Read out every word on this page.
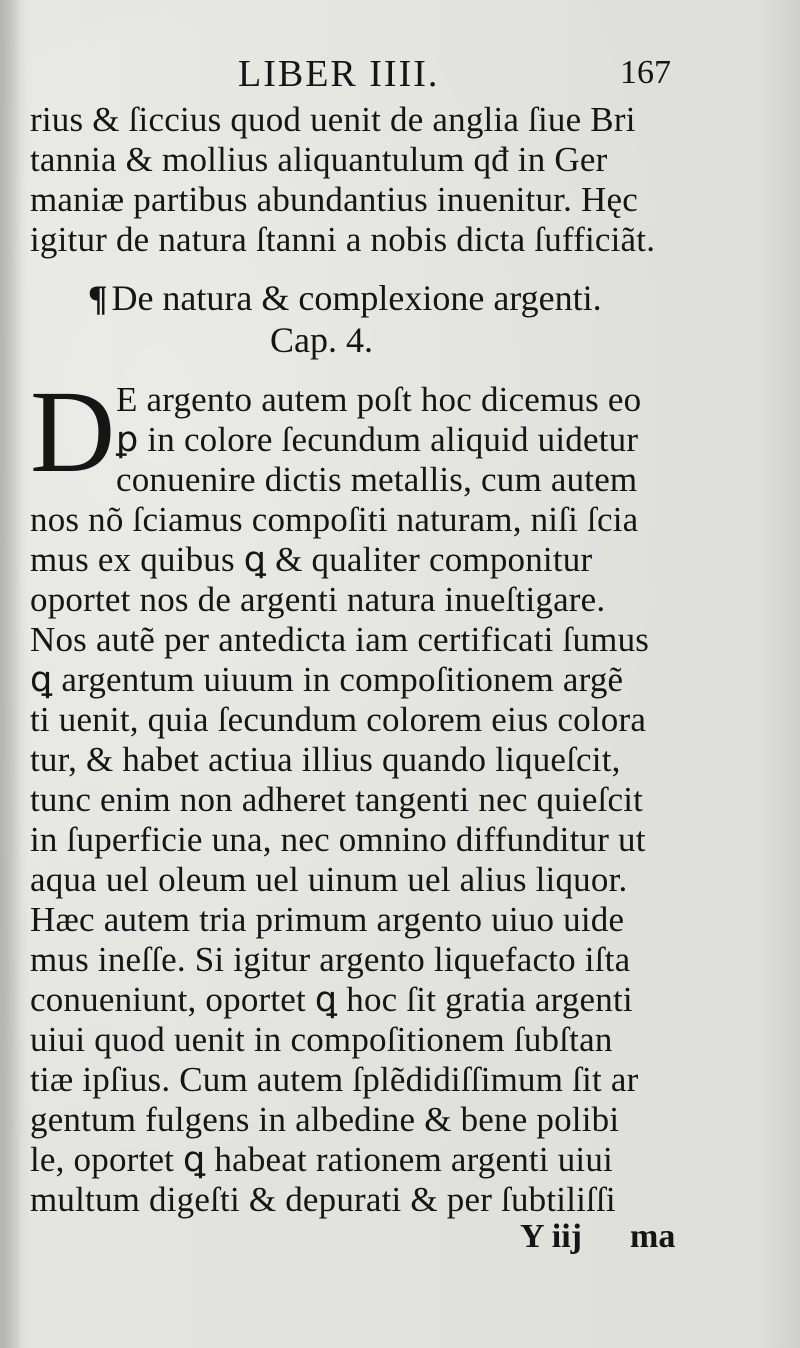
LIBER IIII.	167
rius & ſiccius quod uenit de anglia ſiue Bri
tannia & mollius aliquantulum qđ in Ger
maniæ partibus abundantius inuenitur. Hęc
igitur de natura ſtanni a nobis dicta ſufficiãt.
¶ De natura & complexione argenti.
Cap. 4.
D E argento autem poſt hoc dicemus eo
ꝑ in colore ſecundum aliquid uidetur
conuenire dictis metallis, cum autem
nos nõ ſciamus compoſiti naturam, niſi ſcia
mus ex quibus ꝗ & qualiter componitur
oportet nos de argenti natura inueſtigare.
Nos autẽ per antedicta iam certificati ſumus
ꝗ argentum uiuum in compoſitionem argẽ
ti uenit, quia ſecundum colorem eius colora
tur, & habet actiua illius quando liqueſcit,
tunc enim non adheret tangenti nec quieſcit
in ſuperficie una, nec omnino diffunditur ut
aqua uel oleum uel uinum uel alius liquor.
Hæc autem tria primum argento uiuo uide
mus ineſſe. Si igitur argento liquefacto iſta
conueniunt, oportet ꝗ hoc ſit gratia argenti
uiui quod uenit in compoſitionem ſubſtan
tiæ ipſius. Cum autem ſplẽdidiſſimum ſit ar
gentum fulgens in albedine & bene polibi
le, oportet ꝗ habeat rationem argenti uiui
multum digeſti & depurati & per ſubtiliſſi
Y iij ma
